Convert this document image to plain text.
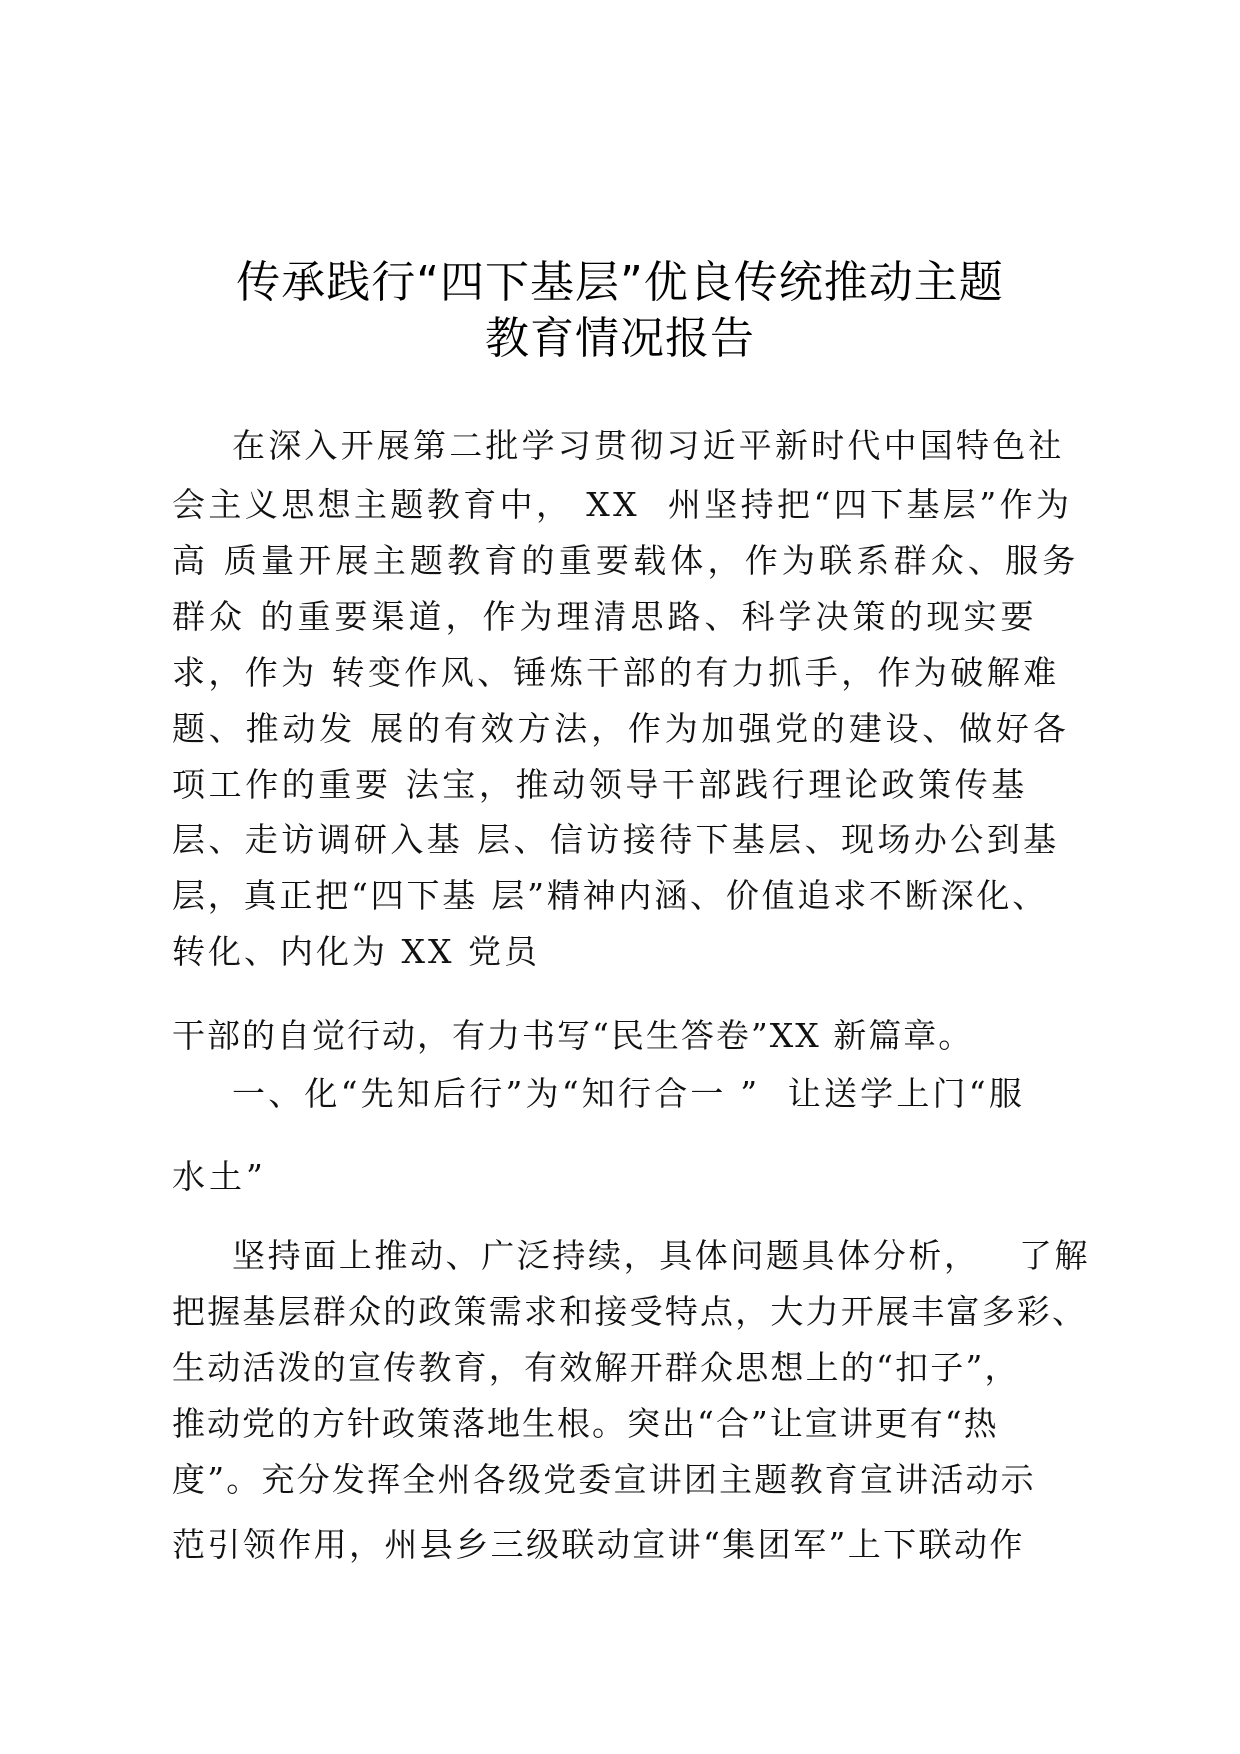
传承践行“四下基层”优良传统推动主题
教育情况报告
在深入开展第二批学习贯彻习近平新时代中国特色社
会主义思想主题教育中， XX  州坚持把“四下基层”作为
高 质量开展主题教育的重要载体，作为联系群众、服务
群众 的重要渠道，作为理清思路、科学决策的现实要
求，作为 转变作风、锤炼干部的有力抓手，作为破解难
题、推动发 展的有效方法，作为加强党的建设、做好各
项工作的重要 法宝，推动领导干部践行理论政策传基
层、走访调研入基 层、信访接待下基层、现场办公到基
层，真正把“四下基 层”精神内涵、价值追求不断深化、
转化、内化为 XX 党员
干部的自觉行动，有力书写“民生答卷”XX 新篇章。
一、化“先知后行”为“知行合一 ”  让送学上门“服
水土”
坚持面上推动、广泛持续，具体问题具体分析，   了解
把握基层群众的政策需求和接受特点，大力开展丰富多彩、
生动活泼的宣传教育，有效解开群众思想上的“扣子”，
推动党的方针政策落地生根。突出“合”让宣讲更有“热
度”。充分发挥全州各级党委宣讲团主题教育宣讲活动示
范引领作用，州县乡三级联动宣讲“集团军”上下联动作
